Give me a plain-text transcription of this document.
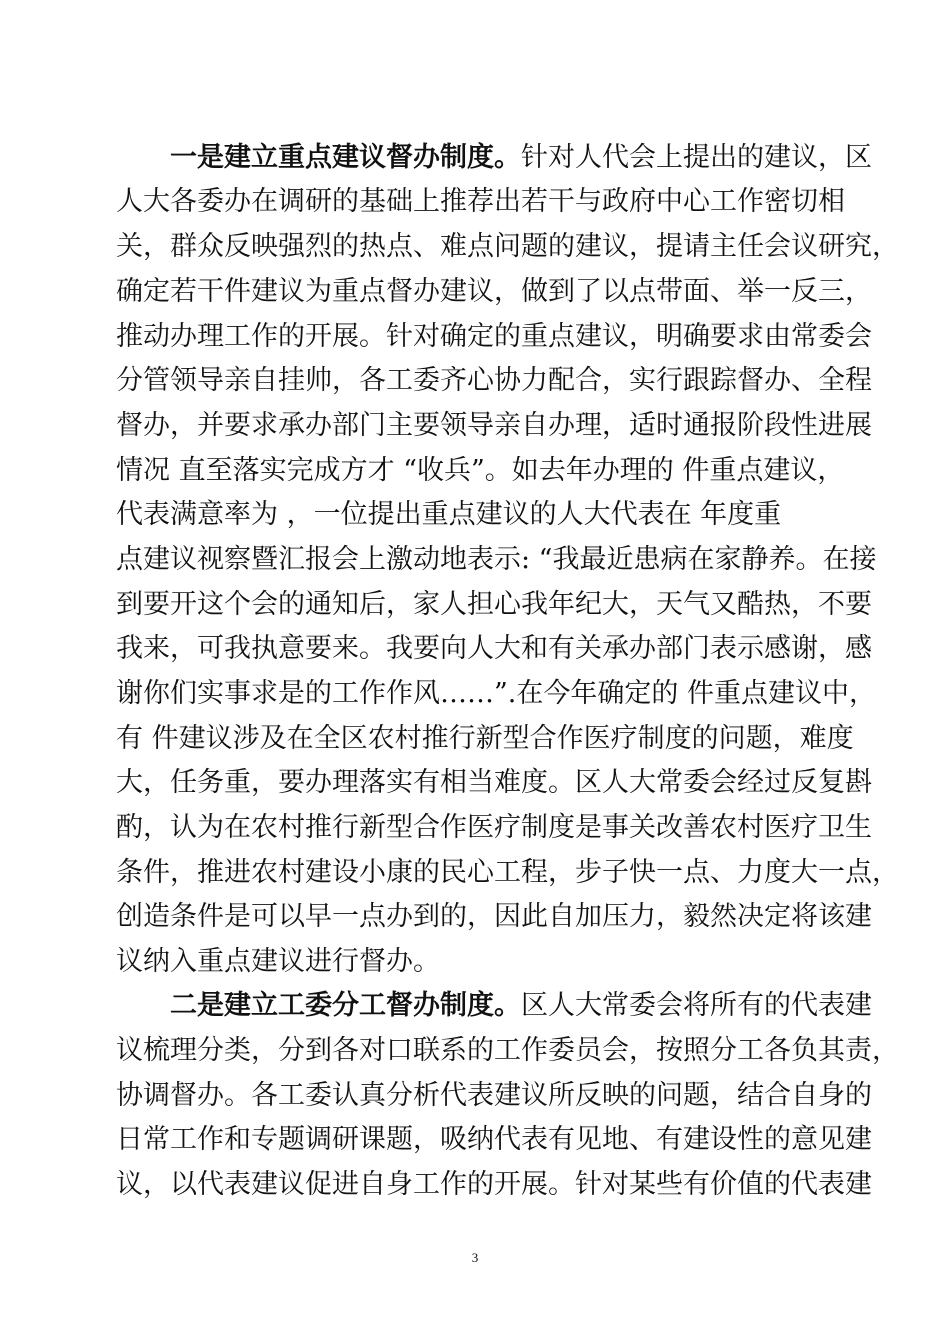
一是建立重点建议督办制度。针对人代会上提出的建议，区
人大各委办在调研的基础上推荐出若干与政府中心工作密切相
关，群众反映强烈的热点、难点问题的建议，提请主任会议研究，
确定若干件建议为重点督办建议，做到了以点带面、举一反三，
推动办理工作的开展。针对确定的重点建议，明确要求由常委会
分管领导亲自挂帅，各工委齐心协力配合，实行跟踪督办、全程
督办，并要求承办部门主要领导亲自办理，适时通报阶段性进展
情况 直至落实完成方才 “收兵”。如去年办理的 件重点建议，
代表满意率为 ，一位提出重点建议的人大代表在 年度重
点建议视察暨汇报会上激动地表示: “我最近患病在家静养。在接
到要开这个会的通知后，家人担心我年纪大，天气又酷热，不要
我来，可我执意要来。我要向人大和有关承办部门表示感谢，感
谢你们实事求是的工作作风……”.在今年确定的 件重点建议中，
有 件建议涉及在全区农村推行新型合作医疗制度的问题，难度
大，任务重，要办理落实有相当难度。区人大常委会经过反复斟
酌，认为在农村推行新型合作医疗制度是事关改善农村医疗卫生
条件，推进农村建设小康的民心工程，步子快一点、力度大一点，
创造条件是可以早一点办到的，因此自加压力，毅然决定将该建
议纳入重点建议进行督办。
二是建立工委分工督办制度。区人大常委会将所有的代表建
议梳理分类，分到各对口联系的工作委员会，按照分工各负其责，
协调督办。各工委认真分析代表建议所反映的问题，结合自身的
日常工作和专题调研课题，吸纳代表有见地、有建设性的意见建
议，以代表建议促进自身工作的开展。针对某些有价值的代表建
3
